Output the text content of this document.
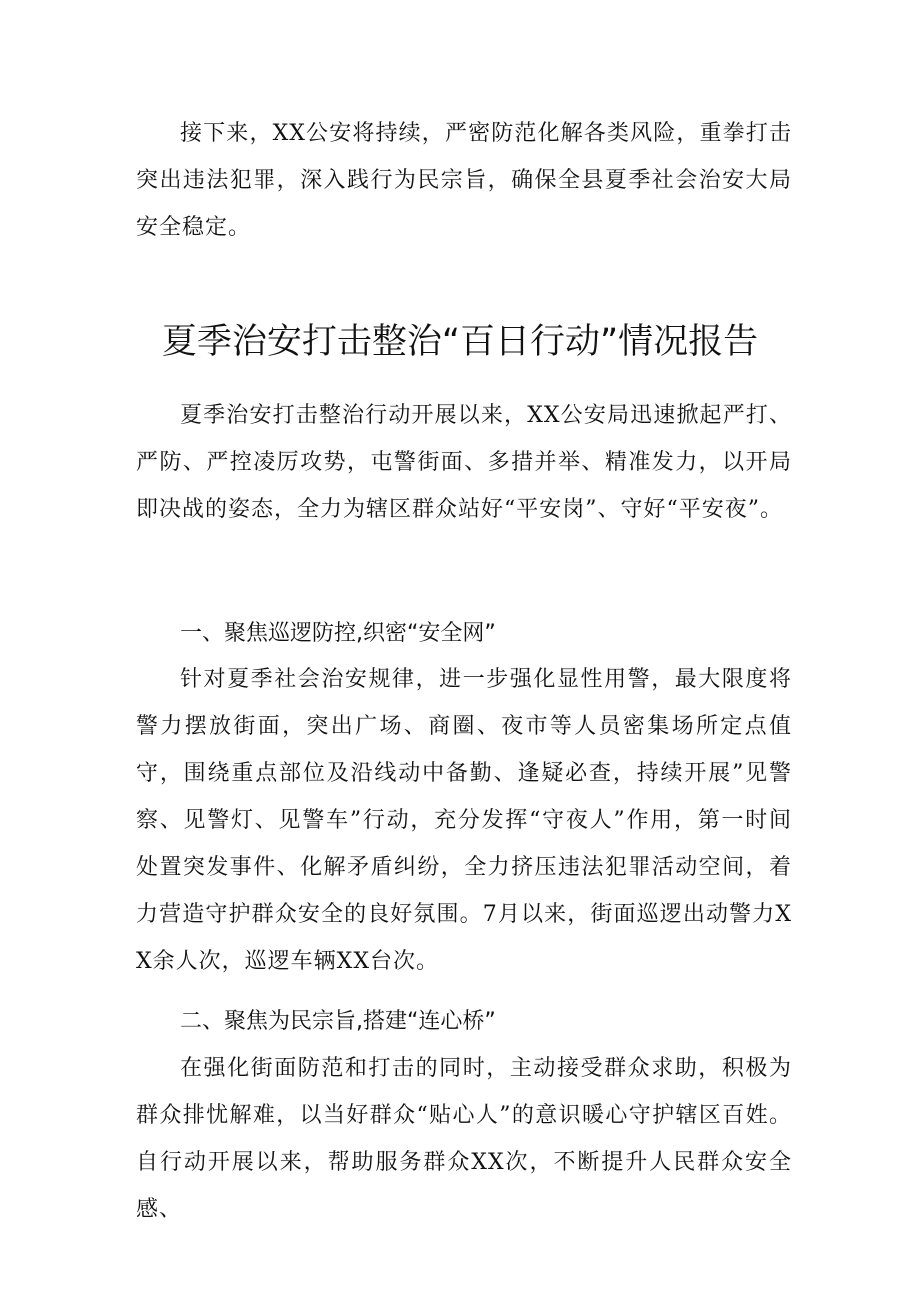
接下来，XX公安将持续，严密防范化解各类风险，重拳打击突出违法犯罪，深入践行为民宗旨，确保全县夏季社会治安大局安全稳定。

夏季治安打击整治“百日行动”情况报告

夏季治安打击整治行动开展以来，XX公安局迅速掀起严打、严防、严控凌厉攻势，屯警街面、多措并举、精准发力，以开局即决战的姿态，全力为辖区群众站好“平安岗”、守好“平安夜”。

一、聚焦巡逻防控,织密“安全网”

针对夏季社会治安规律，进一步强化显性用警，最大限度将警力摆放街面，突出广场、商圈、夜市等人员密集场所定点值守，围绕重点部位及沿线动中备勤、逢疑必查，持续开展”见警察、见警灯、见警车”行动，充分发挥“守夜人”作用，第一时间处置突发事件、化解矛盾纠纷，全力挤压违法犯罪活动空间，着力营造守护群众安全的良好氛围。7月以来，街面巡逻出动警力XX余人次，巡逻车辆XX台次。

二、聚焦为民宗旨,搭建“连心桥”

在强化街面防范和打击的同时，主动接受群众求助，积极为群众排忧解难，以当好群众“贴心人”的意识暖心守护辖区百姓。自行动开展以来，帮助服务群众XX次，不断提升人民群众安全感、
